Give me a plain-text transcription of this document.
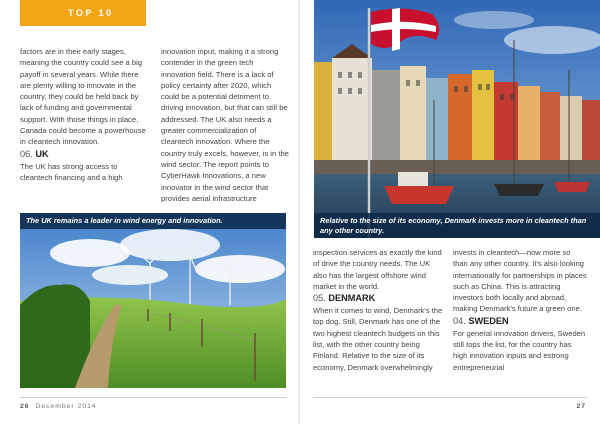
TOP 10

factors are in their early stages, meaning the country could see a big payoff in several years. While there are plenty willing to innovate in the country, they could be held back by lack of funding and governmental support. With those things in place, Canada could become a powerhouse in cleantech innovation.

06. UK

The UK has strong access to cleantech financing and a high

innovation input, making it a strong contender in the green tech innovation field. There is a lack of policy certainty after 2020, which could be a potential detriment to driving innovation, but that can still be addressed. The UK also needs a greater commercialization of cleantech innovation. Where the country truly excels, however, is in the wind sector. The report points to CyberHawk Innovations, a new innovator in the wind sector that provides aerial infrastructure

The UK remains a leader in wind energy and innovation.
26 December 2014
Relative to the size of its economy, Denmark invests more in cleantech than any other country.

inspection services as exactly the kind of drive the country needs. The UK also has the largest offshore wind market in the world.

05. DENMARK

When it comes to wind, Denmark's the top dog. Still, Denmark has one of the two highest cleantech budgets on this list, with the other country being Finland. Relative to the size of its economy, Denmark overwhelmingly

invests in cleantech—now more so than any other country. It's also looking internationally for partnerships in places such as China. This is attracting investors both locally and abroad, making Denmark's future a green one.

04. SWEDEN

For general innovation drivers, Sweden still tops the list, for the country has high innovation inputs and estrong entrepreneurial

27
